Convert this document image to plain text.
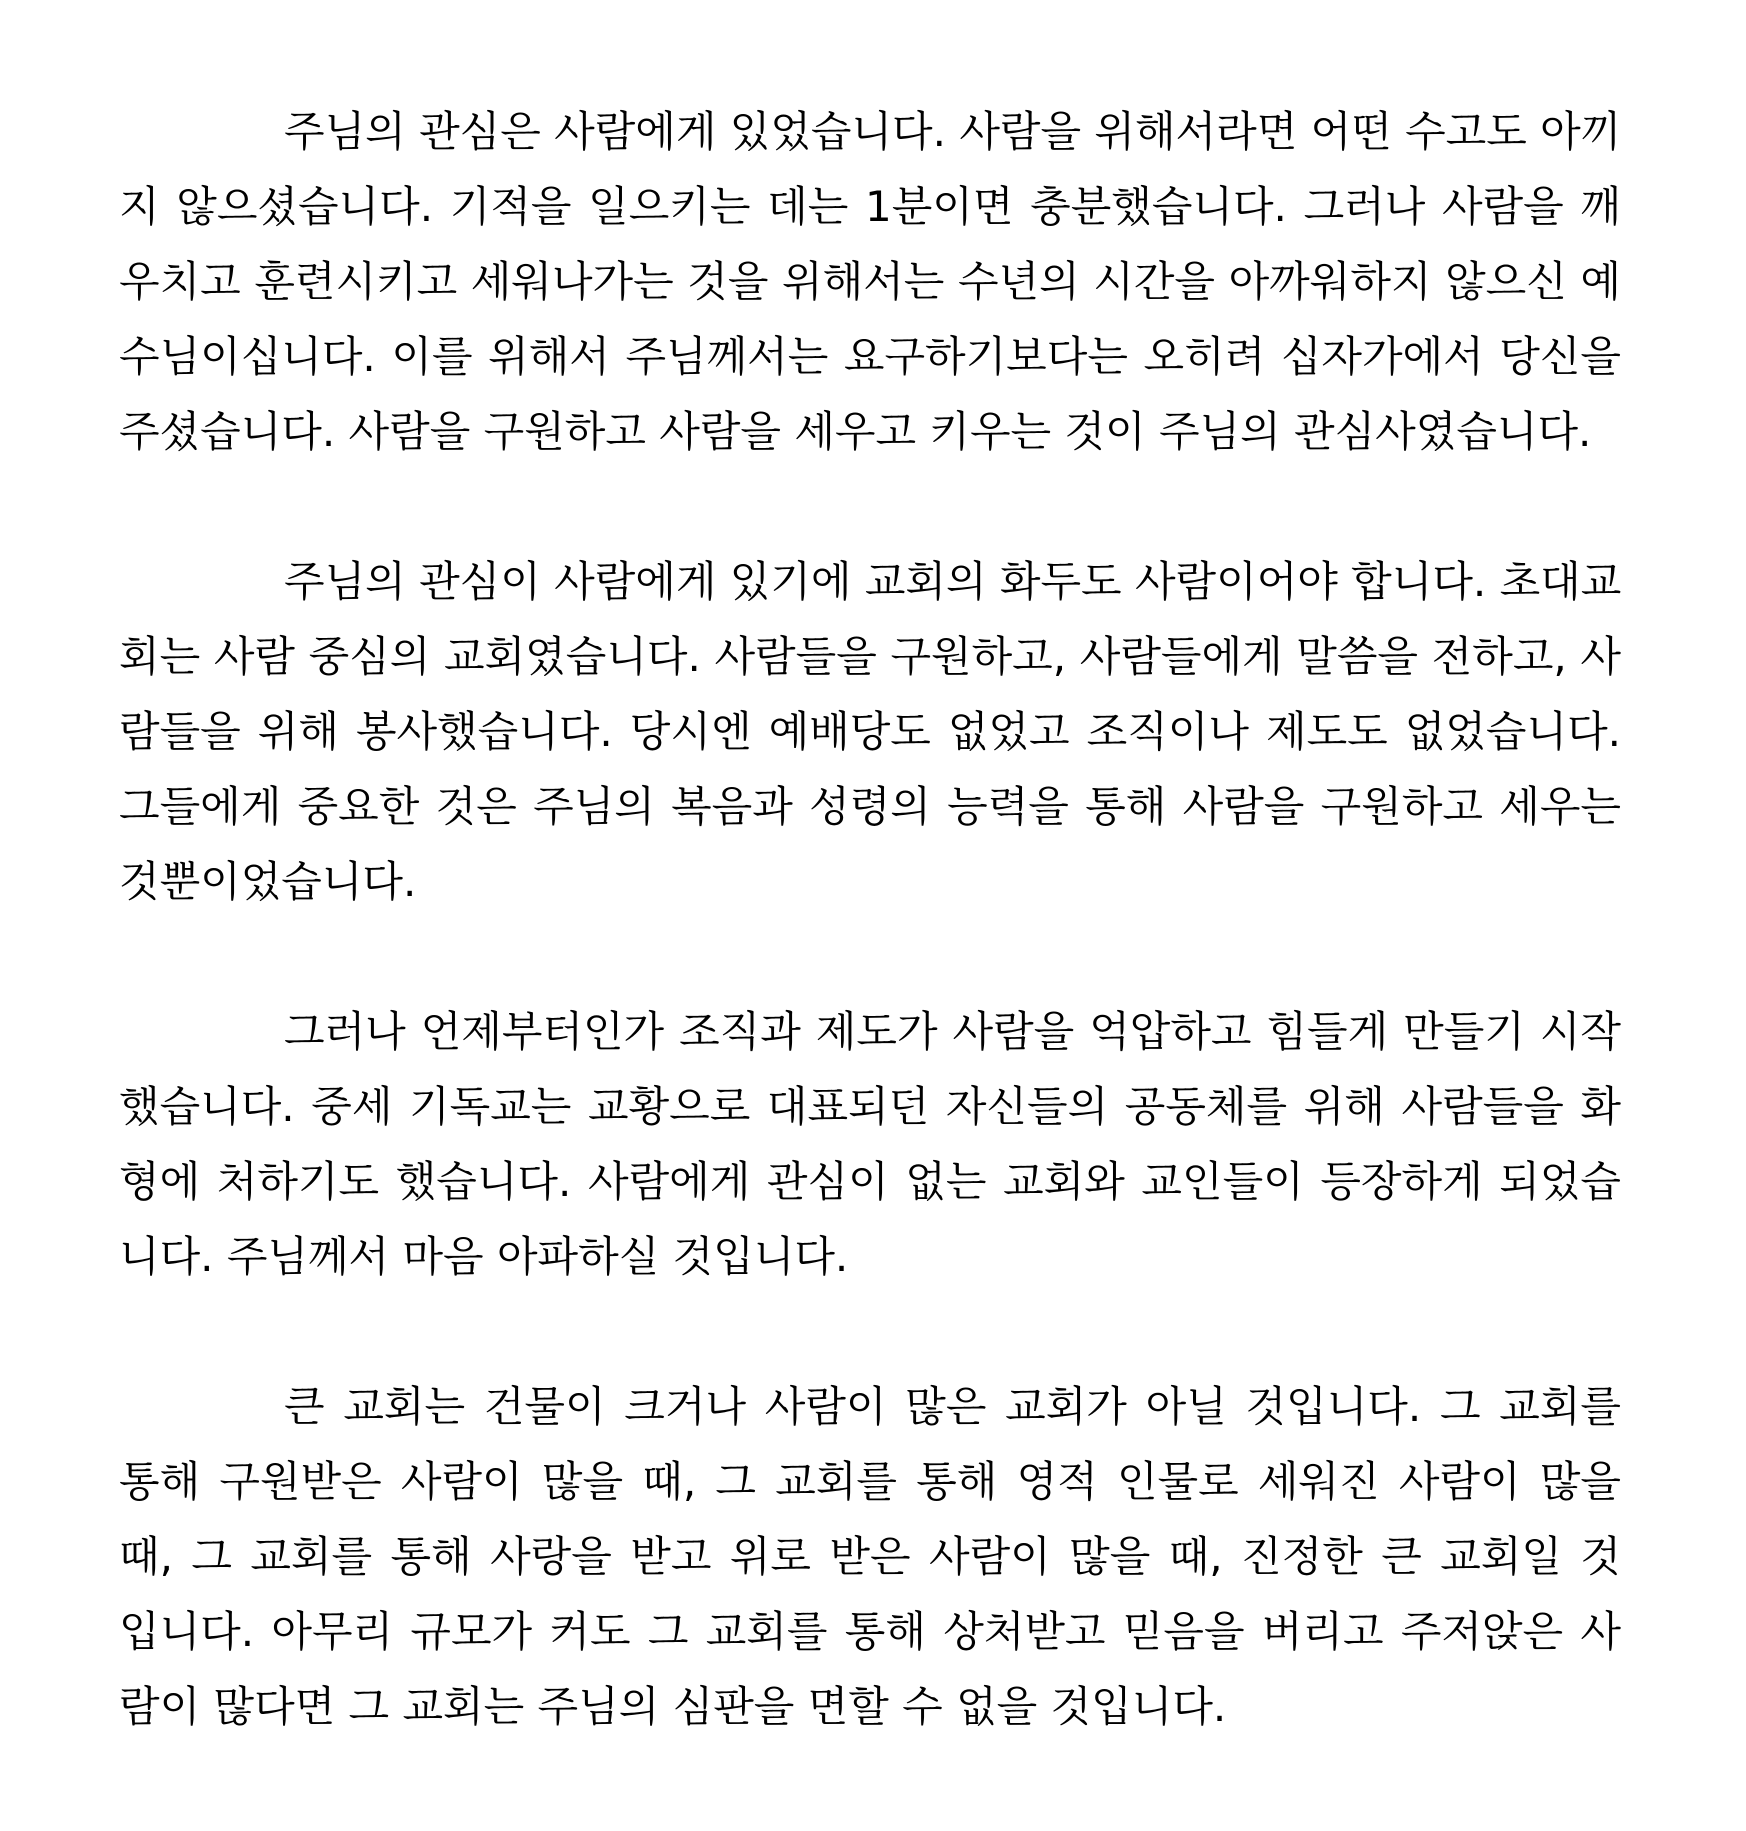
주님의 관심은 사람에게 있었습니다. 사람을 위해서라면 어떤 수고도 아끼
지 않으셨습니다. 기적을 일으키는 데는 1분이면 충분했습니다. 그러나 사람을 깨
우치고 훈련시키고 세워나가는 것을 위해서는 수년의 시간을 아까워하지 않으신 예
수님이십니다. 이를 위해서 주님께서는 요구하기보다는 오히려 십자가에서 당신을
주셨습니다. 사람을 구원하고 사람을 세우고 키우는 것이 주님의 관심사였습니다.
주님의 관심이 사람에게 있기에 교회의 화두도 사람이어야 합니다. 초대교
회는 사람 중심의 교회였습니다. 사람들을 구원하고, 사람들에게 말씀을 전하고, 사
람들을 위해 봉사했습니다. 당시엔 예배당도 없었고 조직이나 제도도 없었습니다.
그들에게 중요한 것은 주님의 복음과 성령의 능력을 통해 사람을 구원하고 세우는
것뿐이었습니다.
그러나 언제부터인가 조직과 제도가 사람을 억압하고 힘들게 만들기 시작
했습니다. 중세 기독교는 교황으로 대표되던 자신들의 공동체를 위해 사람들을 화
형에 처하기도 했습니다. 사람에게 관심이 없는 교회와 교인들이 등장하게 되었습
니다. 주님께서 마음 아파하실 것입니다.
큰 교회는 건물이 크거나 사람이 많은 교회가 아닐 것입니다. 그 교회를
통해 구원받은 사람이 많을 때, 그 교회를 통해 영적 인물로 세워진 사람이 많을
때, 그 교회를 통해 사랑을 받고 위로 받은 사람이 많을 때, 진정한 큰 교회일 것
입니다. 아무리 규모가 커도 그 교회를 통해 상처받고 믿음을 버리고 주저앉은 사
람이 많다면 그 교회는 주님의 심판을 면할 수 없을 것입니다.
